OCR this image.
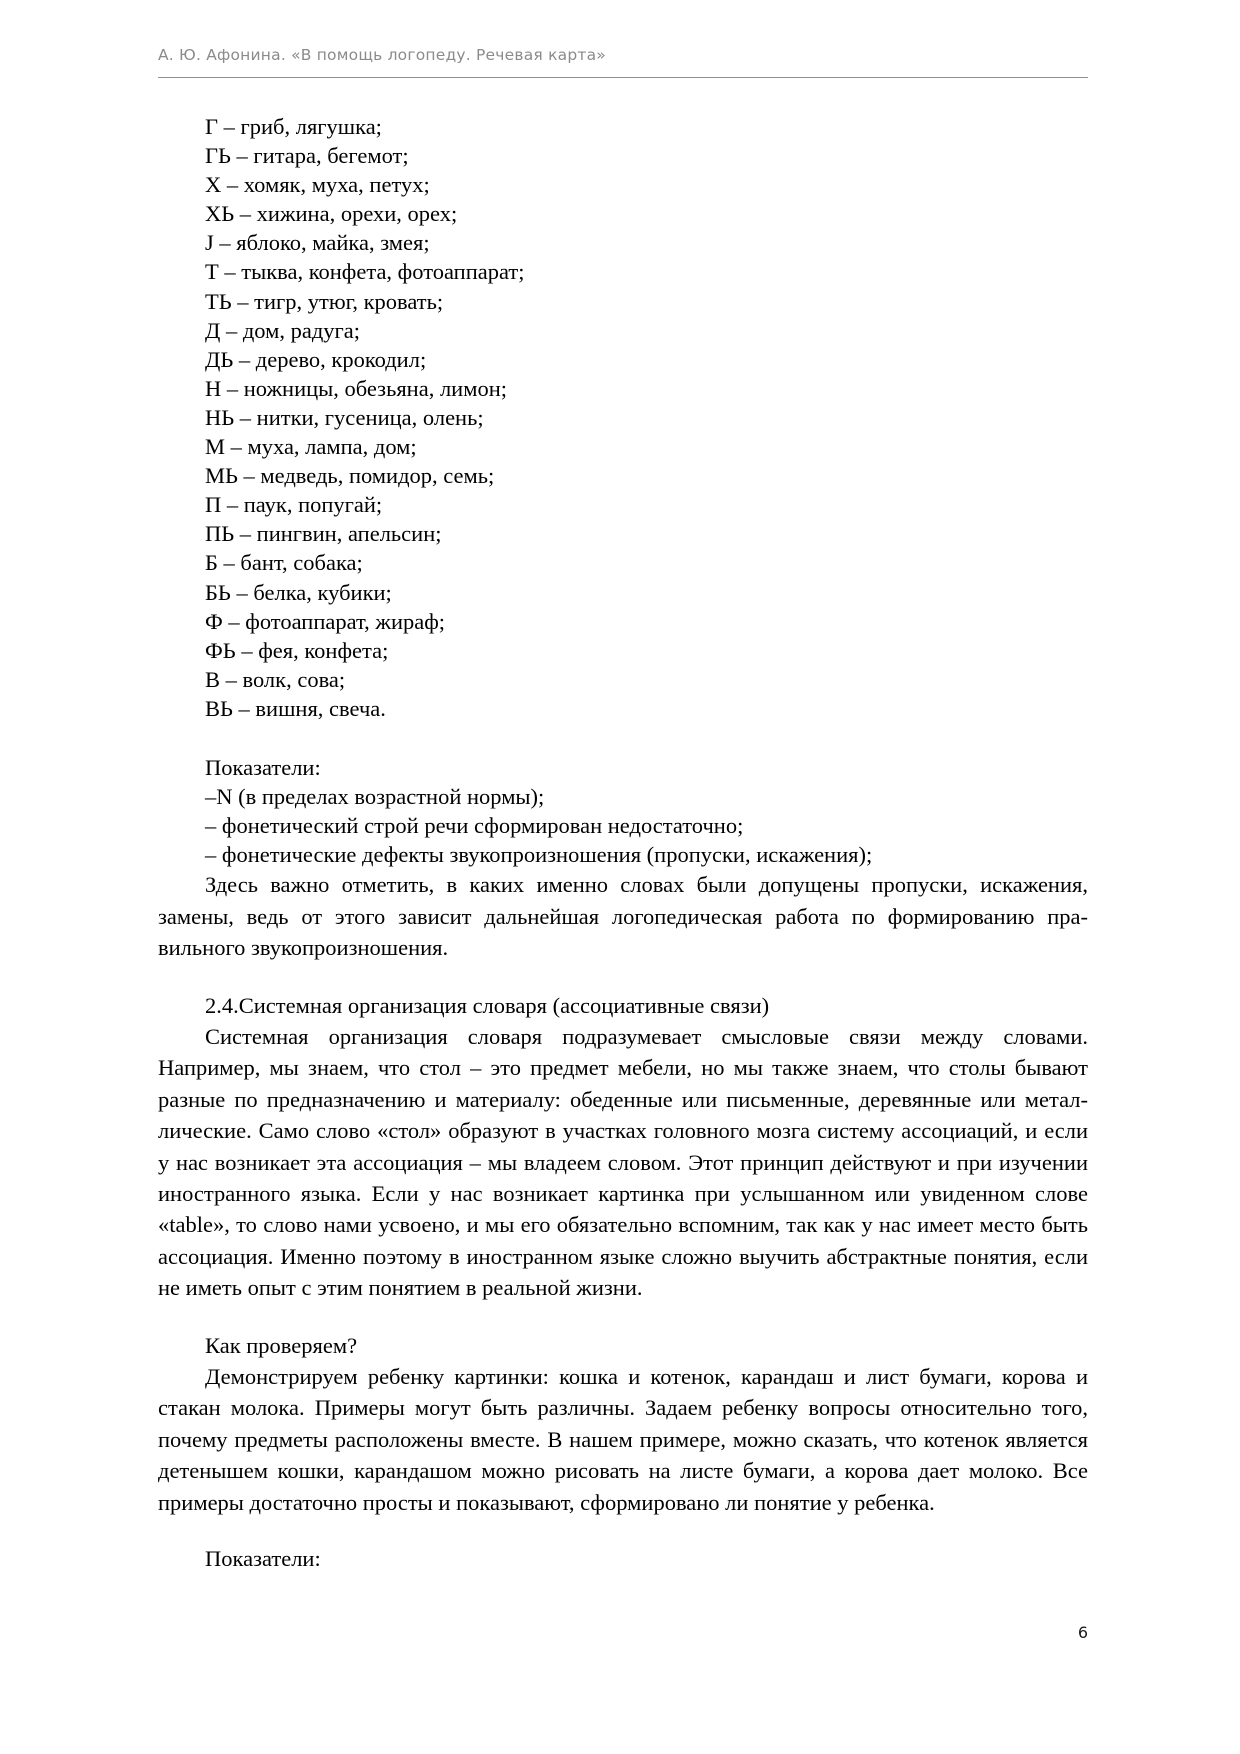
А. Ю. Афонина. «В помощь логопеду. Речевая карта»
Г – гриб, лягушка;
ГЬ – гитара, бегемот;
Х – хомяк, муха, петух;
ХЬ – хижина, орехи, орех;
J – яблоко, майка, змея;
Т – тыква, конфета, фотоаппарат;
ТЬ – тигр, утюг, кровать;
Д – дом, радуга;
ДЬ – дерево, крокодил;
Н – ножницы, обезьяна, лимон;
НЬ – нитки, гусеница, олень;
М – муха, лампа, дом;
МЬ – медведь, помидор, семь;
П – паук, попугай;
ПЬ – пингвин, апельсин;
Б – бант, собака;
БЬ – белка, кубики;
Ф – фотоаппарат, жираф;
ФЬ – фея, конфета;
В – волк, сова;
ВЬ – вишня, свеча.
Показатели:
–N (в пределах возрастной нормы);
– фонетический строй речи сформирован недостаточно;
– фонетические дефекты звукопроизношения (пропуски, искажения);

Здесь важно отметить, в каких именно словах были допущены пропуски, искажения, замены, ведь от этого зависит дальнейшая логопедическая работа по формированию правильного звукопроизношения.

2.4.Системная организация словаря (ассоциативные связи)

Системная организация словаря подразумевает смысловые связи между словами. Например, мы знаем, что стол – это предмет мебели, но мы также знаем, что столы бывают разные по предназначению и материалу: обеденные или письменные, деревянные или металлические. Само слово «стол» образуют в участках головного мозга систему ассоциаций, и если у нас возникает эта ассоциация – мы владеем словом. Этот принцип действуют и при изучении иностранного языка. Если у нас возникает картинка при услышанном или увиденном слове «table», то слово нами усвоено, и мы его обязательно вспомним, так как у нас имеет место быть ассоциация. Именно поэтому в иностранном языке сложно выучить абстрактные понятия, если не иметь опыт с этим понятием в реальной жизни.

Как проверяем?

Демонстрируем ребенку картинки: кошка и котенок, карандаш и лист бумаги, корова и стакан молока. Примеры могут быть различны. Задаем ребенку вопросы относительно того, почему предметы расположены вместе. В нашем примере, можно сказать, что котенок является детенышем кошки, карандашом можно рисовать на листе бумаги, а корова дает молоко. Все примеры достаточно просты и показывают, сформировано ли понятие у ребенка.

Показатели:
6
